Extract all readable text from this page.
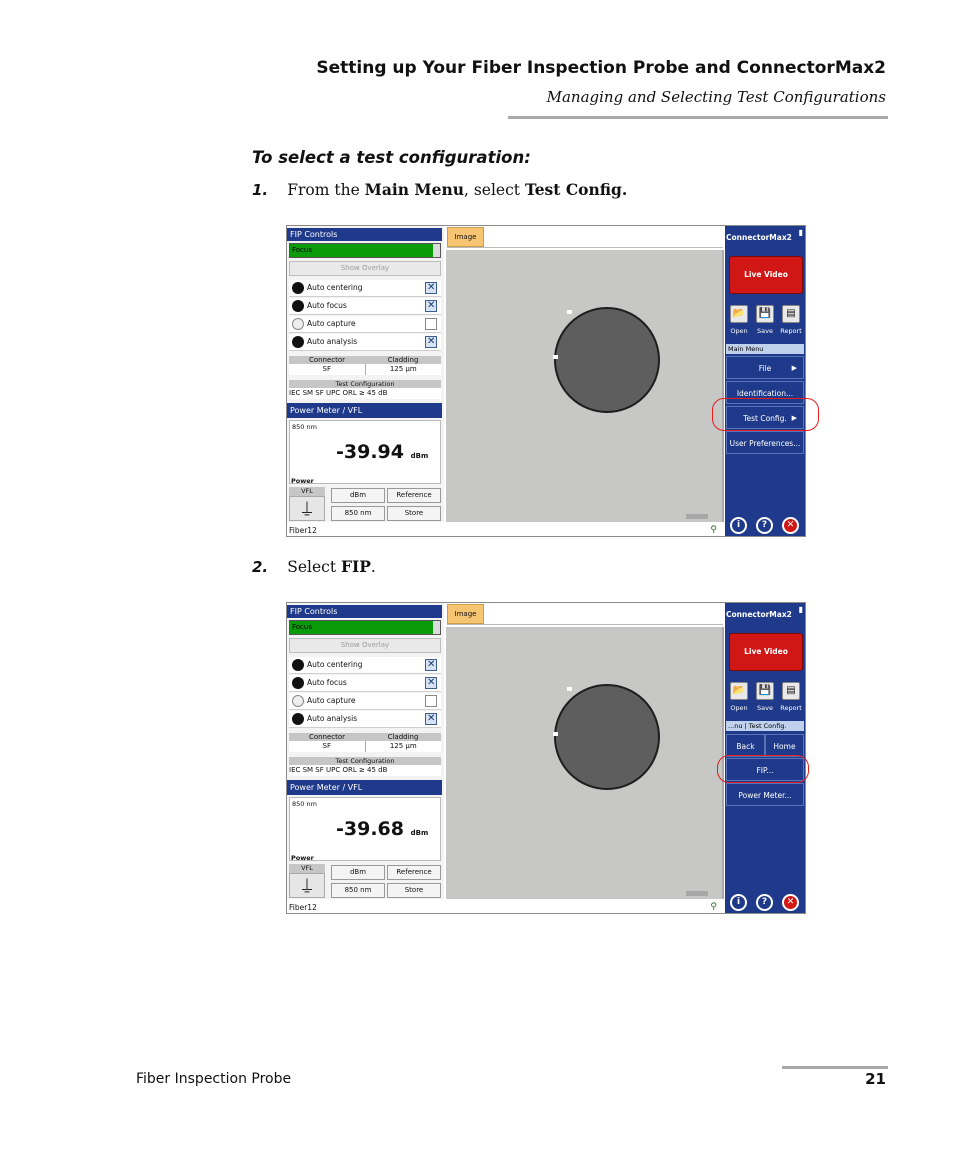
Setting up Your Fiber Inspection Probe and ConnectorMax2
Managing and Selecting Test Configurations
To select a test configuration:
1. From the Main Menu, select Test Config.
FIP Controls
Focus
Show Overlay
Auto centering
✕
Auto focus
✕
Auto capture
Auto analysis
✕
Connector	Cladding
SF	125 µm
Test Configuration
IEC SM SF UPC ORL ≥ 45 dB
Power Meter / VFL
850 nm
-39.94 dBm
Power
VFL
⍊
dBm	Reference
850 nm	Store
Fiber12	⚲
Image	ConnectorMax2
▮
Live Video
📂 💾	▤
Open	Save	Report
Main Menu
File	▶
Identification...
Test Config. ▶
User Preferences...
i	?	✕
2. Select FIP.
FIP Controls
Focus
Show Overlay
Auto centering
✕
Auto focus
✕
Auto capture
Auto analysis
✕
Connector	Cladding
SF	125 µm
Test Configuration
IEC SM SF UPC ORL ≥ 45 dB
Power Meter / VFL
850 nm
-39.68 dBm
Power
VFL
⍊
dBm	Reference
850 nm	Store
Fiber12	⚲
Image	ConnectorMax2
▮
Live Video
📂 💾	▤
Open	Save	Report
...nu | Test Config.
Back	Home
FIP...
Power Meter...
i	?	✕
Fiber Inspection Probe	21
